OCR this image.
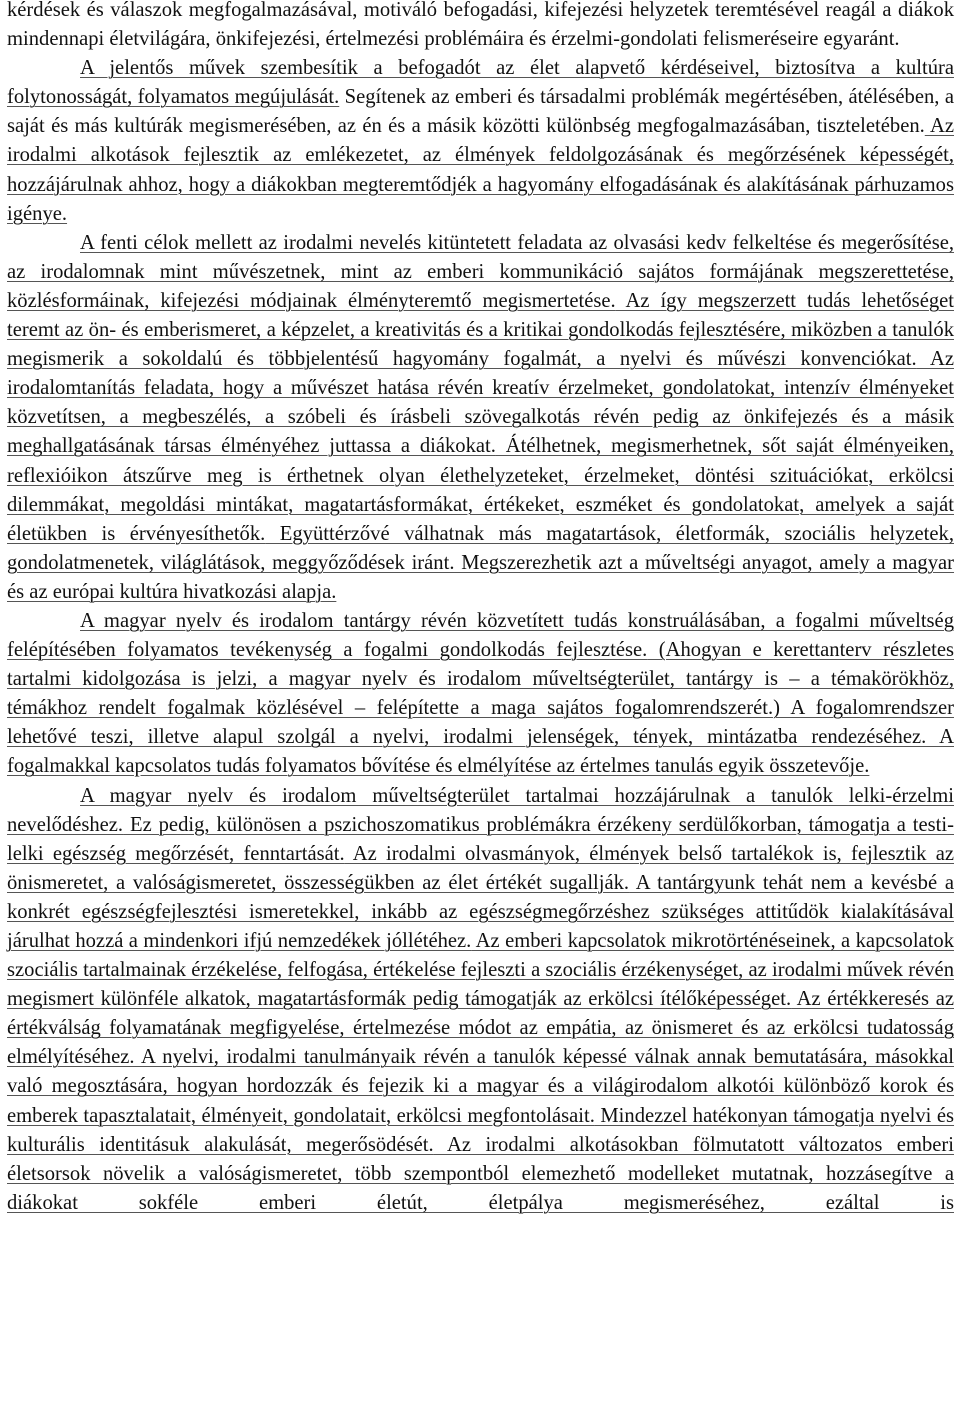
kérdések és válaszok megfogalmazásával, motiváló befogadási, kifejezési helyzetek teremtésével reagál a diákok mindennapi életvilágára, önkifejezési, értelmezési problémáira és érzelmi-gondolati felismeréseire egyaránt.

A jelentős művek szembesítik a befogadót az élet alapvető kérdéseivel, biztosítva a kultúra folytonosságát, folyamatos megújulását. Segítenek az emberi és társadalmi problémák megértésében, átélésében, a saját és más kultúrák megismerésében, az én és a másik közötti különbség megfogalmazásában, tiszteletében. Az irodalmi alkotások fejlesztik az emlékezetet, az élmények feldolgozásának és megőrzésének képességét, hozzájárulnak ahhoz, hogy a diákokban megteremtődjék a hagyomány elfogadásának és alakításának párhuzamos igénye.

A fenti célok mellett az irodalmi nevelés kitüntetett feladata az olvasási kedv felkeltése és megerősítése, az irodalomnak mint művészetnek, mint az emberi kommunikáció sajátos formájának megszerettetése, közlésformáinak, kifejezési módjainak élményteremtő megismertetése. Az így megszerzett tudás lehetőséget teremt az ön- és emberismeret, a képzelet, a kreativitás és a kritikai gondolkodás fejlesztésére, miközben a tanulók megismerik a sokoldalú és többjelentésű hagyomány fogalmát, a nyelvi és művészi konvenciókat. Az irodalomtanítás feladata, hogy a művészet hatása révén kreatív érzelmeket, gondolatokat, intenzív élményeket közvetítsen, a megbeszélés, a szóbeli és írásbeli szövegalkotás révén pedig az önkifejezés és a másik meghallgatásának társas élményéhez juttassa a diákokat. Átélhetnek, megismerhetnek, sőt saját élményeiken, reflexióikon átszűrve meg is érthetnek olyan élethelyzeteket, érzelmeket, döntési szituációkat, erkölcsi dilemmákat, megoldási mintákat, magatartásformákat, értékeket, eszméket és gondolatokat, amelyek a saját életükben is érvényesíthetők. Együttérzővé válhatnak más magatartások, életformák, szociális helyzetek, gondolatmenetek, világlátások, meggyőződések iránt. Megszerezhetik azt a műveltségi anyagot, amely a magyar és az európai kultúra hivatkozási alapja.

A magyar nyelv és irodalom tantárgy révén közvetített tudás konstruálásában, a fogalmi műveltség felépítésében folyamatos tevékenység a fogalmi gondolkodás fejlesztése. (Ahogyan e kerettanterv részletes tartalmi kidolgozása is jelzi, a magyar nyelv és irodalom műveltségterület, tantárgy is – a témakörökhöz, témákhoz rendelt fogalmak közlésével – felépítette a maga sajátos fogalomrendszerét.) A fogalomrendszer lehetővé teszi, illetve alapul szolgál a nyelvi, irodalmi jelenségek, tények, mintázatba rendezéséhez. A fogalmakkal kapcsolatos tudás folyamatos bővítése és elmélyítése az értelmes tanulás egyik összetevője.

A magyar nyelv és irodalom műveltségterület tartalmai hozzájárulnak a tanulók lelki-érzelmi nevelődéshez. Ez pedig, különösen a pszichoszomatikus problémákra érzékeny serdülőkorban, támogatja a testi-lelki egészség megőrzését, fenntartását. Az irodalmi olvasmányok, élmények belső tartalékok is, fejlesztik az önismeretet, a valóságismeretet, összességükben az élet értékét sugallják. A tantárgyunk tehát nem a kevésbé a konkrét egészségfejlesztési ismeretekkel, inkább az egészségmegőrzéshez szükséges attitűdök kialakításával járulhat hozzá a mindenkori ifjú nemzedékek jóllétéhez. Az emberi kapcsolatok mikrotörténéseinek, a kapcsolatok szociális tartalmainak érzékelése, felfogása, értékelése fejleszti a szociális érzékenységet, az irodalmi művek révén megismert különféle alkatok, magatartásformák pedig támogatják az erkölcsi ítélőképességet. Az értékkeresés az értékválság folyamatának megfigyelése, értelmezése módot az empátia, az önismeret és az erkölcsi tudatosság elmélyítéséhez. A nyelvi, irodalmi tanulmányaik révén a tanulók képessé válnak annak bemutatására, másokkal való megosztására, hogyan hordozzák és fejezik ki a magyar és a világirodalom alkotói különböző korok és emberek tapasztalatait, élményeit, gondolatait, erkölcsi megfontolásait. Mindezzel hatékonyan támogatja nyelvi és kulturális identitásuk alakulását, megerősödését. Az irodalmi alkotásokban fölmutatott változatos emberi életsorsok növelik a valóságismeretet, több szempontból elemezhető modelleket mutatnak, hozzásegítve a diákokat sokféle emberi életút, életpálya megismeréséhez, ezáltal is
